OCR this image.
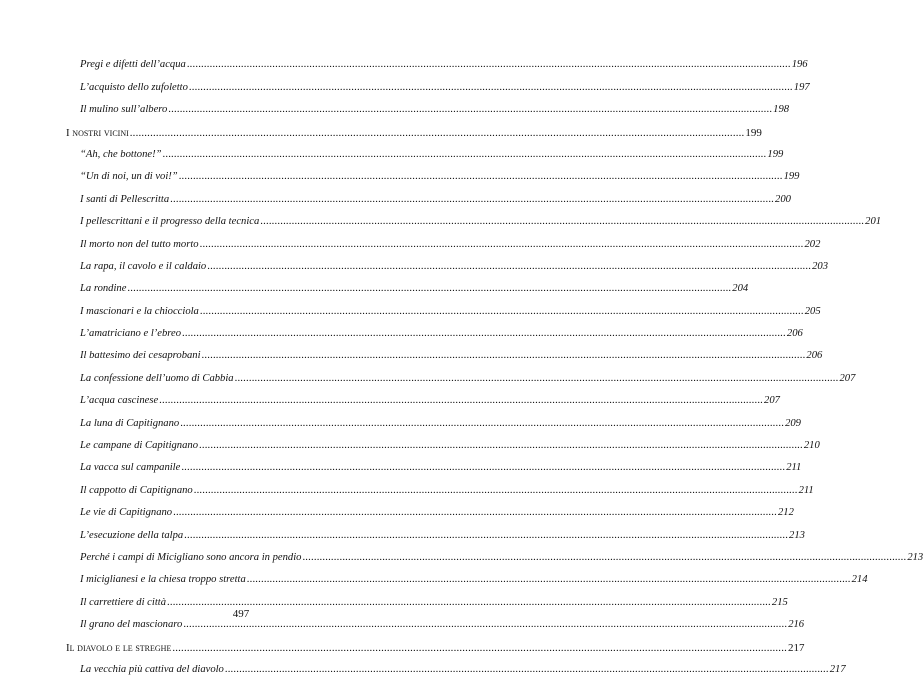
Pregi e difetti dell’acqua .....	196
L’acquisto dello zufoletto .....	197
Il mulino sull’albero .....	198
I nostri vicini .....	199
“Ah, che bottone!” .....	199
“Un di noi, un di voi!” .....	199
I santi di Pellescritta .....	200
I pellescrittani e il progresso della tecnica .....	201
Il morto non del tutto morto .....	202
La rapa, il cavolo e il caldaio .....	203
La rondine .....	204
I mascionari e la chiocciola .....	205
L’amatriciano e l’ebreo .....	206
Il battesimo dei cesaprobani .....	206
La confessione dell’uomo di Cabbia .....	207
L’acqua cascinese .....	207
La luna di Capitignano .....	209
Le campane di Capitignano .....	210
La vacca sul campanile .....	211
Il cappotto di Capitignano .....	211
Le vie di Capitignano .....	212
L’esecuzione della talpa .....	213
Perché i campi di Micigliano sono ancora in pendio .....	213
I miciglianesi e la chiesa troppo stretta .....	214
Il carrettiere di città .....	215
Il grano del mascionaro .....	216
Il diavolo e le streghe .....	217
La vecchia più cattiva del diavolo .....	217
497
